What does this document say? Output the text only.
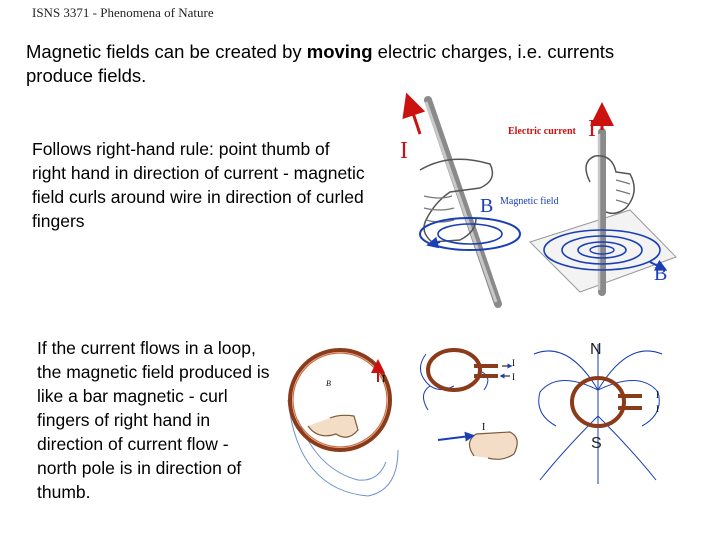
ISNS 3371 - Phenomena of Nature
Magnetic fields can be created by moving electric charges, i.e. currents produce fields.
Follows right-hand rule: point thumb of right hand in direction of current - magnetic field curls around wire in direction of curled fingers
If the current flows in a loop, the magnetic field produced is like a bar magnetic - curl fingers of right hand in direction of current flow - north pole is in direction of thumb.
I
B Magnetic field
B
Electric current I
I
B
I
I
I
I
I
N
S
